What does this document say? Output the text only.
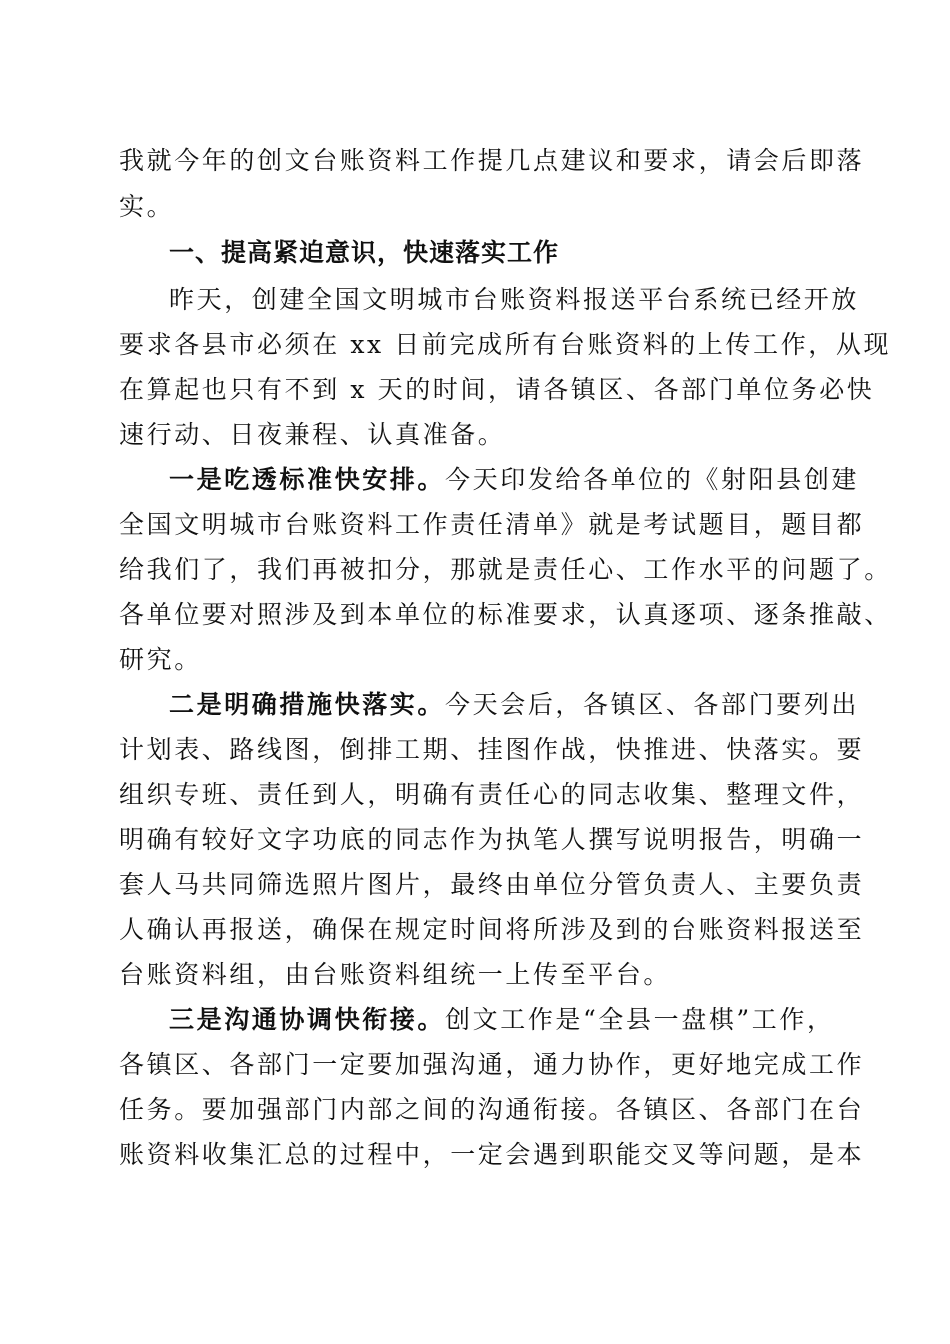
我就今年的创文台账资料工作提几点建议和要求，请会后即落
实。
一、提高紧迫意识，快速落实工作
昨天，创建全国文明城市台账资料报送平台系统已经开放
要求各县市必须在 xx 日前完成所有台账资料的上传工作，从现
在算起也只有不到 x 天的时间，请各镇区、各部门单位务必快
速行动、日夜兼程、认真准备。
一是吃透标准快安排。今天印发给各单位的《射阳县创建
全国文明城市台账资料工作责任清单》就是考试题目，题目都
给我们了，我们再被扣分，那就是责任心、工作水平的问题了。
各单位要对照涉及到本单位的标准要求，认真逐项、逐条推敲、
研究。
二是明确措施快落实。今天会后，各镇区、各部门要列出
计划表、路线图，倒排工期、挂图作战，快推进、快落实。要
组织专班、责任到人，明确有责任心的同志收集、整理文件，
明确有较好文字功底的同志作为执笔人撰写说明报告，明确一
套人马共同筛选照片图片，最终由单位分管负责人、主要负责
人确认再报送，确保在规定时间将所涉及到的台账资料报送至
台账资料组，由台账资料组统一上传至平台。
三是沟通协调快衔接。创文工作是“全县一盘棋”工作，
各镇区、各部门一定要加强沟通，通力协作，更好地完成工作
任务。要加强部门内部之间的沟通衔接。各镇区、各部门在台
账资料收集汇总的过程中，一定会遇到职能交叉等问题，是本
